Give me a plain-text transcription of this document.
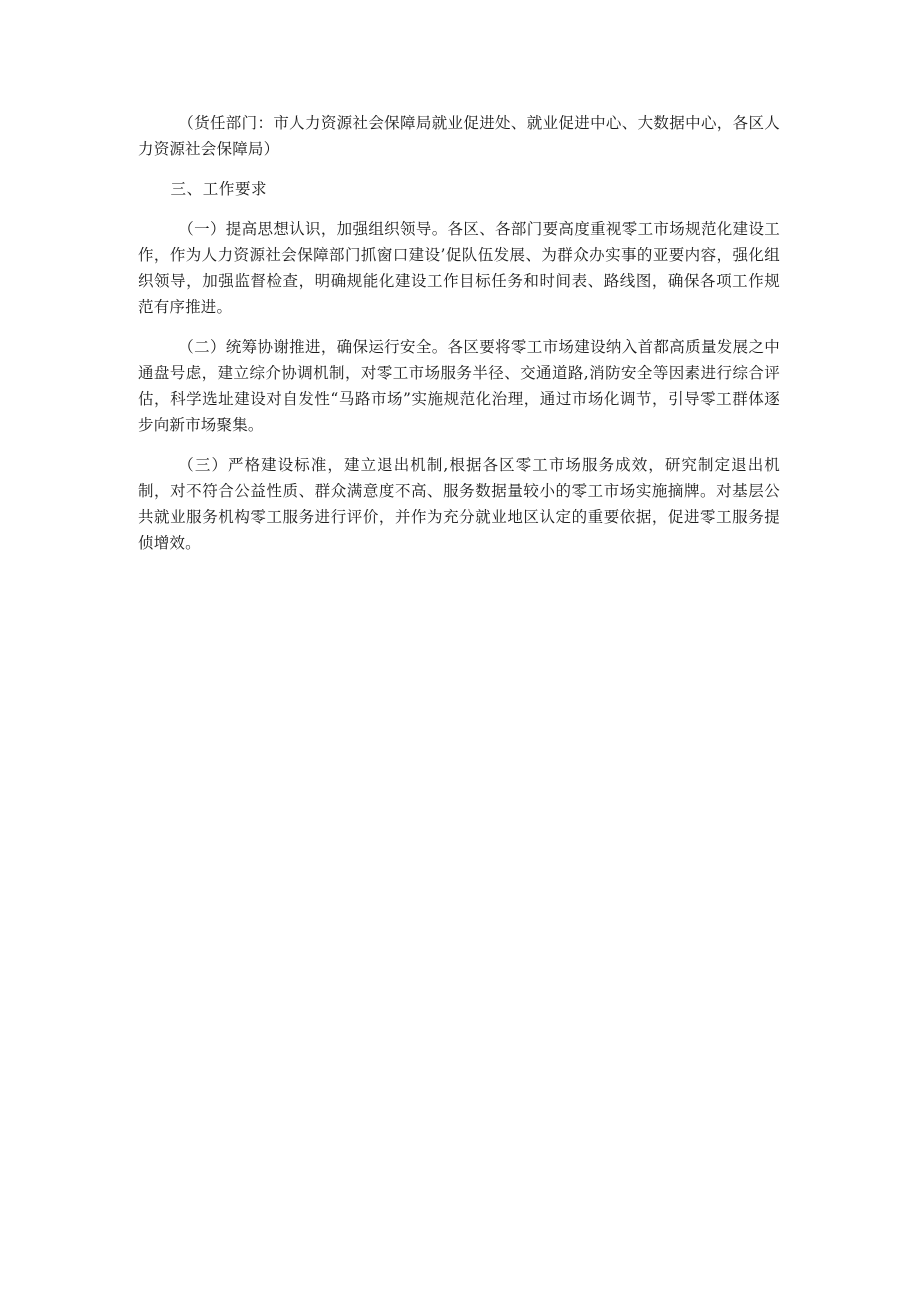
（货任部门：市人力资源社会保障局就业促进处、就业促进中心、大数据中心，各区人力资源社会保障局）

三、工作要求

（一）提高思想认识，加强组织领导。各区、各部门要高度重视零工市场规范化建设工作，作为人力资源社会保障部门抓窗口建设’促队伍发展、为群众办实事的亚要内容，强化组织领导，加强监督检查，明确规能化建设工作目标任务和时间表、路线图，确保各项工作规范有序推进。

（二）统筹协谢推进，确保运行安全。各区要将零工市场建设纳入首都高质量发展之中通盘号虑，建立综介协调机制，对零工市场服务半径、交通道路,消防安全等因素进行综合评估，科学选址建设对自发性“马路市场”实施规范化治理，通过市场化调节，引导零工群体逐步向新市场聚集。

（三）严格建设标准，建立退出机制,根据各区零工市场服务成效，研究制定退出机制，对不符合公益性质、群众满意度不高、服务数据量较小的零工市场实施摘牌。对基层公共就业服务机构零工服务进行评价，并作为充分就业地区认定的重要依据，促进零工服务提侦增效。
